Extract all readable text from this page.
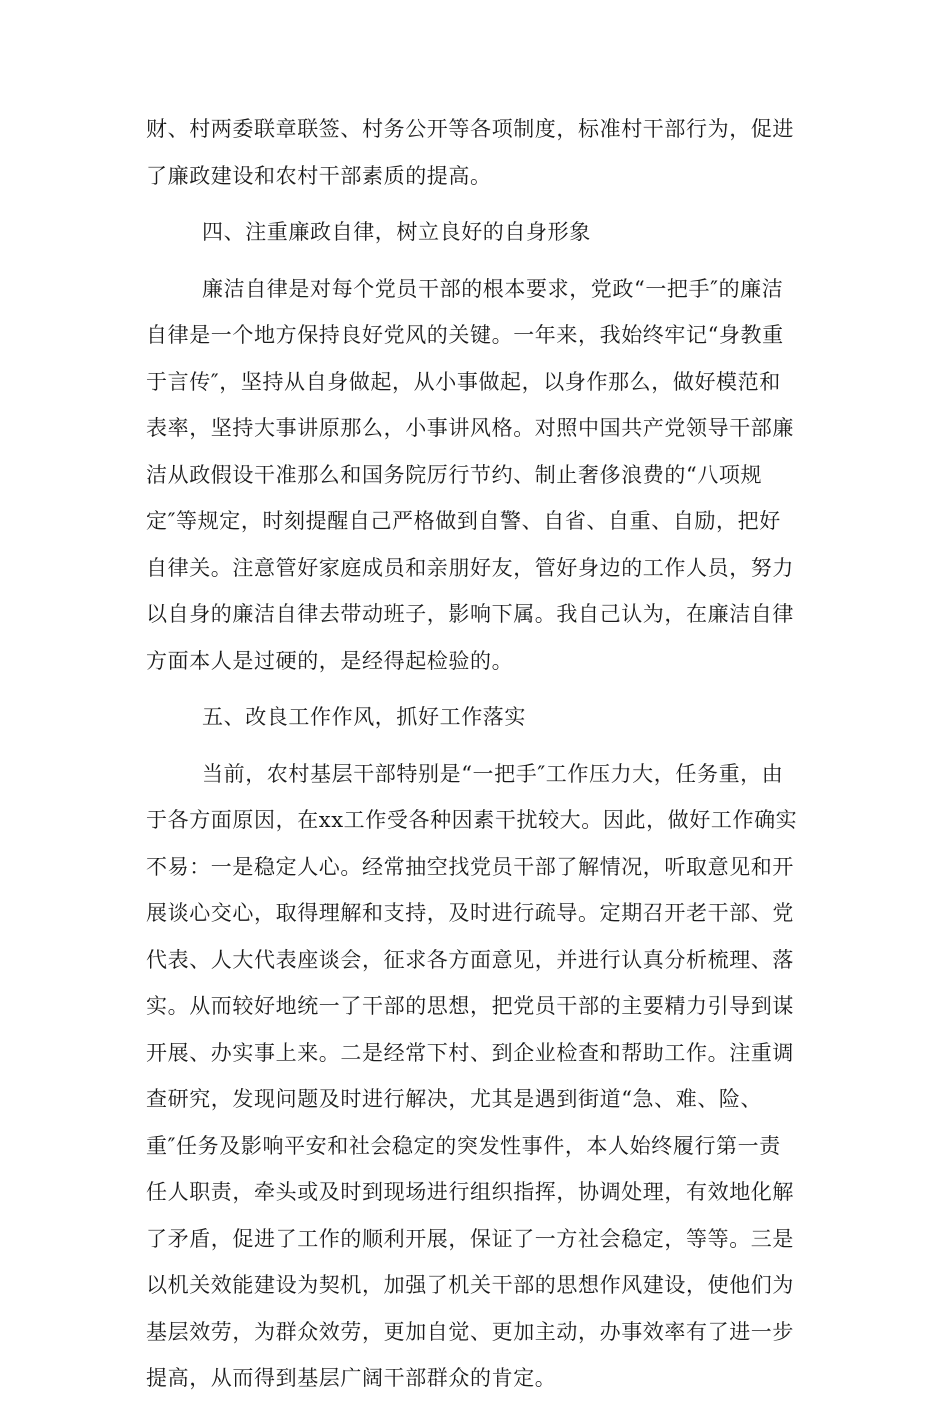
财、村两委联章联签、村务公开等各项制度，标准村干部行为，促进
了廉政建设和农村干部素质的提高。
四、注重廉政自律，树立良好的自身形象
廉洁自律是对每个党员干部的根本要求，党政“一把手″的廉洁
自律是一个地方保持良好党风的关键。一年来，我始终牢记“身教重
于言传″，坚持从自身做起，从小事做起，以身作那么，做好模范和
表率，坚持大事讲原那么，小事讲风格。对照中国共产党领导干部廉
洁从政假设干准那么和国务院厉行节约、制止奢侈浪费的“八项规
定″等规定，时刻提醒自己严格做到自警、自省、自重、自励，把好
自律关。注意管好家庭成员和亲朋好友，管好身边的工作人员，努力
以自身的廉洁自律去带动班子，影响下属。我自己认为，在廉洁自律
方面本人是过硬的，是经得起检验的。
五、改良工作作风，抓好工作落实
当前，农村基层干部特别是“一把手″工作压力大，任务重，由
于各方面原因，在xx工作受各种因素干扰较大。因此，做好工作确实
不易：一是稳定人心。经常抽空找党员干部了解情况，听取意见和开
展谈心交心，取得理解和支持，及时进行疏导。定期召开老干部、党
代表、人大代表座谈会，征求各方面意见，并进行认真分析梳理、落
实。从而较好地统一了干部的思想，把党员干部的主要精力引导到谋
开展、办实事上来。二是经常下村、到企业检查和帮助工作。注重调
查研究，发现问题及时进行解决，尤其是遇到街道“急、难、险、
重″任务及影响平安和社会稳定的突发性事件，本人始终履行第一责
任人职责，牵头或及时到现场进行组织指挥，协调处理，有效地化解
了矛盾，促进了工作的顺利开展，保证了一方社会稳定，等等。三是
以机关效能建设为契机，加强了机关干部的思想作风建设，使他们为
基层效劳，为群众效劳，更加自觉、更加主动，办事效率有了进一步
提高，从而得到基层广阔干部群众的肯定。
